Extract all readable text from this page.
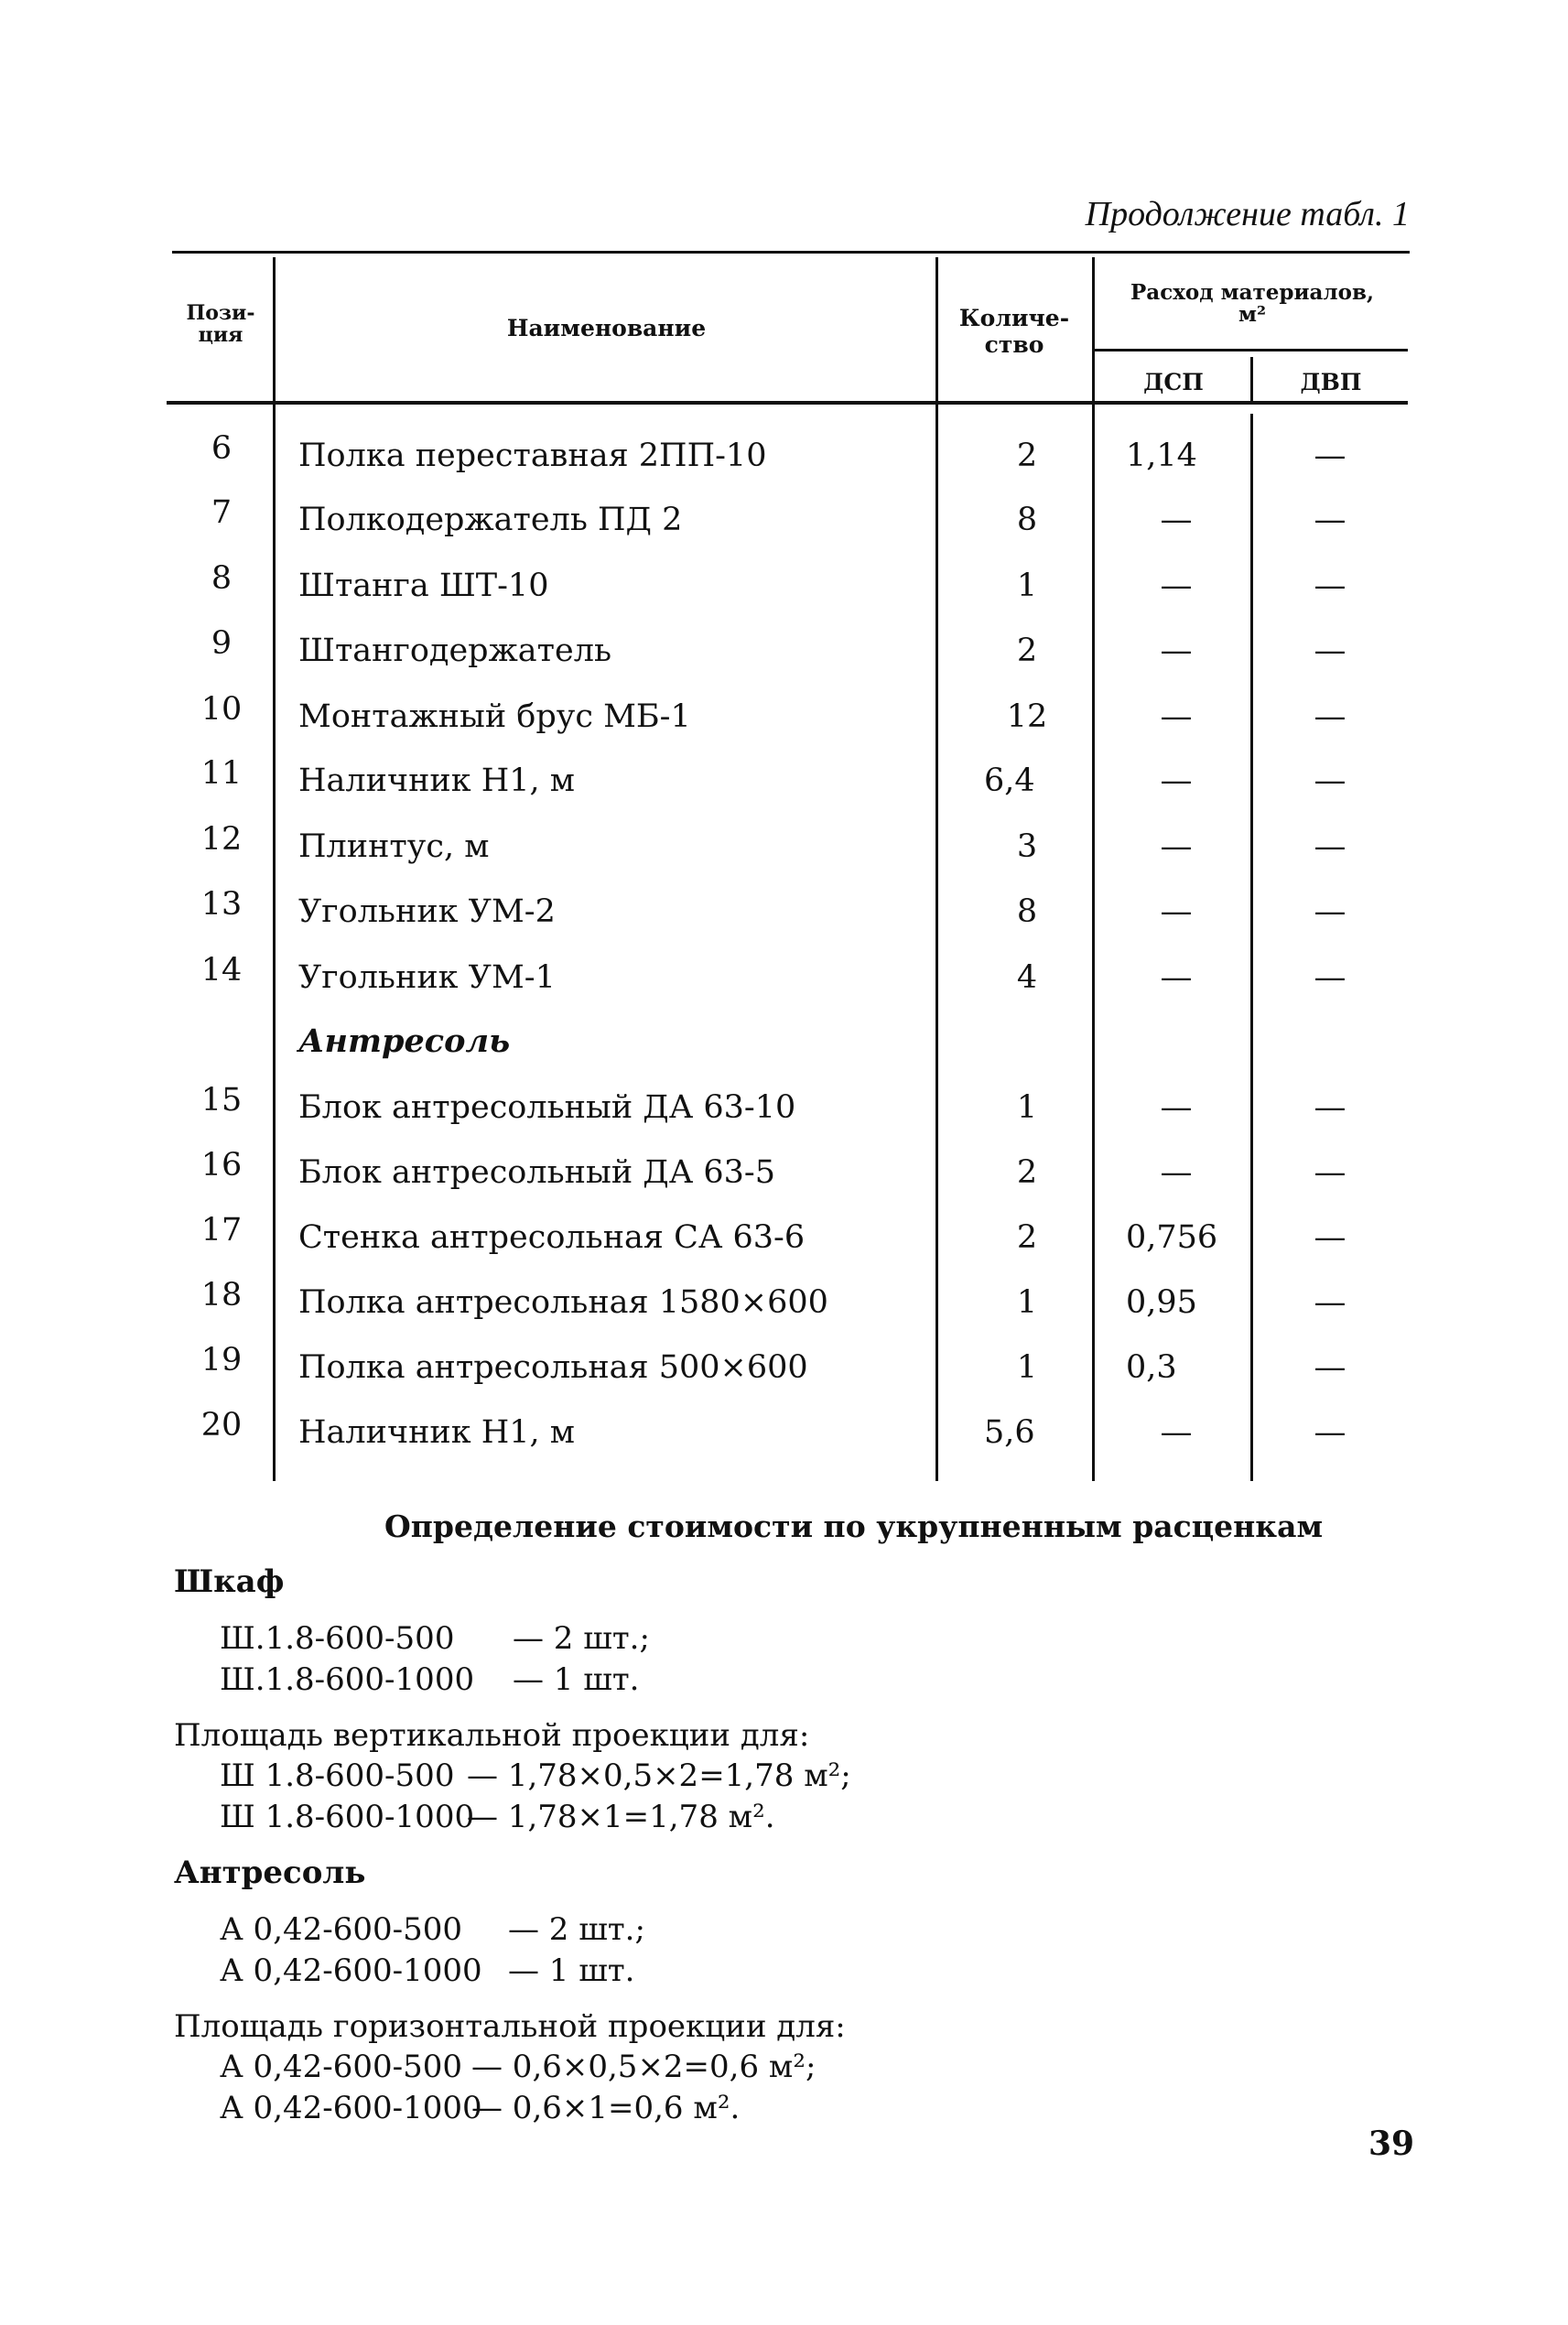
Продолжение табл. 1
Пози-
ция	Наименование	Количе-
ство
Расход материалов,
м²
ДСП	ДВП
6	Полка переставная 2ПП-10	2	1,14	—
7	Полкодержатель ПД 2	8	—	—
8	Штанга ШТ-10	1	—	—
9	Штангодержатель	2	—	—
10	Монтажный брус МБ-1	12	—	—
11	Наличник Н1, м	6,4	—	—
12	Плинтус, м	3	—	—
13	Угольник УМ-2	8	—	—
14	Угольник УМ-1	4	—	—
Антресоль
15	Блок антресольный ДА 63-10	1	—	—
16	Блок антресольный ДА 63-5	2	—	—
17	Стенка антресольная СА 63-6	2	0,756	—
18	Полка антресольная 1580×600	1	0,95	—
19	Полка антресольная 500×600	1	0,3	—
20	Наличник Н1, м	5,6	—	—
Определение стоимости по укрупненным расценкам
Шкаф
Ш.1.8-600-500 — 2 шт.;
Ш.1.8-600-1000 — 1 шт.
Площадь вертикальной проекции для:
Ш 1.8-600-500 — 1,78×0,5×2=1,78 м²;
Ш 1.8-600-1000
— 1,78×1=1,78 м².
Антресоль
А 0,42-600-500 — 2 шт.;
А 0,42-600-1000 — 1 шт.
Площадь горизонтальной проекции для:
А 0,42-600-500 — 0,6×0,5×2=0,6 м²;
А 0,42-600-1000
— 0,6×1=0,6 м².
39
